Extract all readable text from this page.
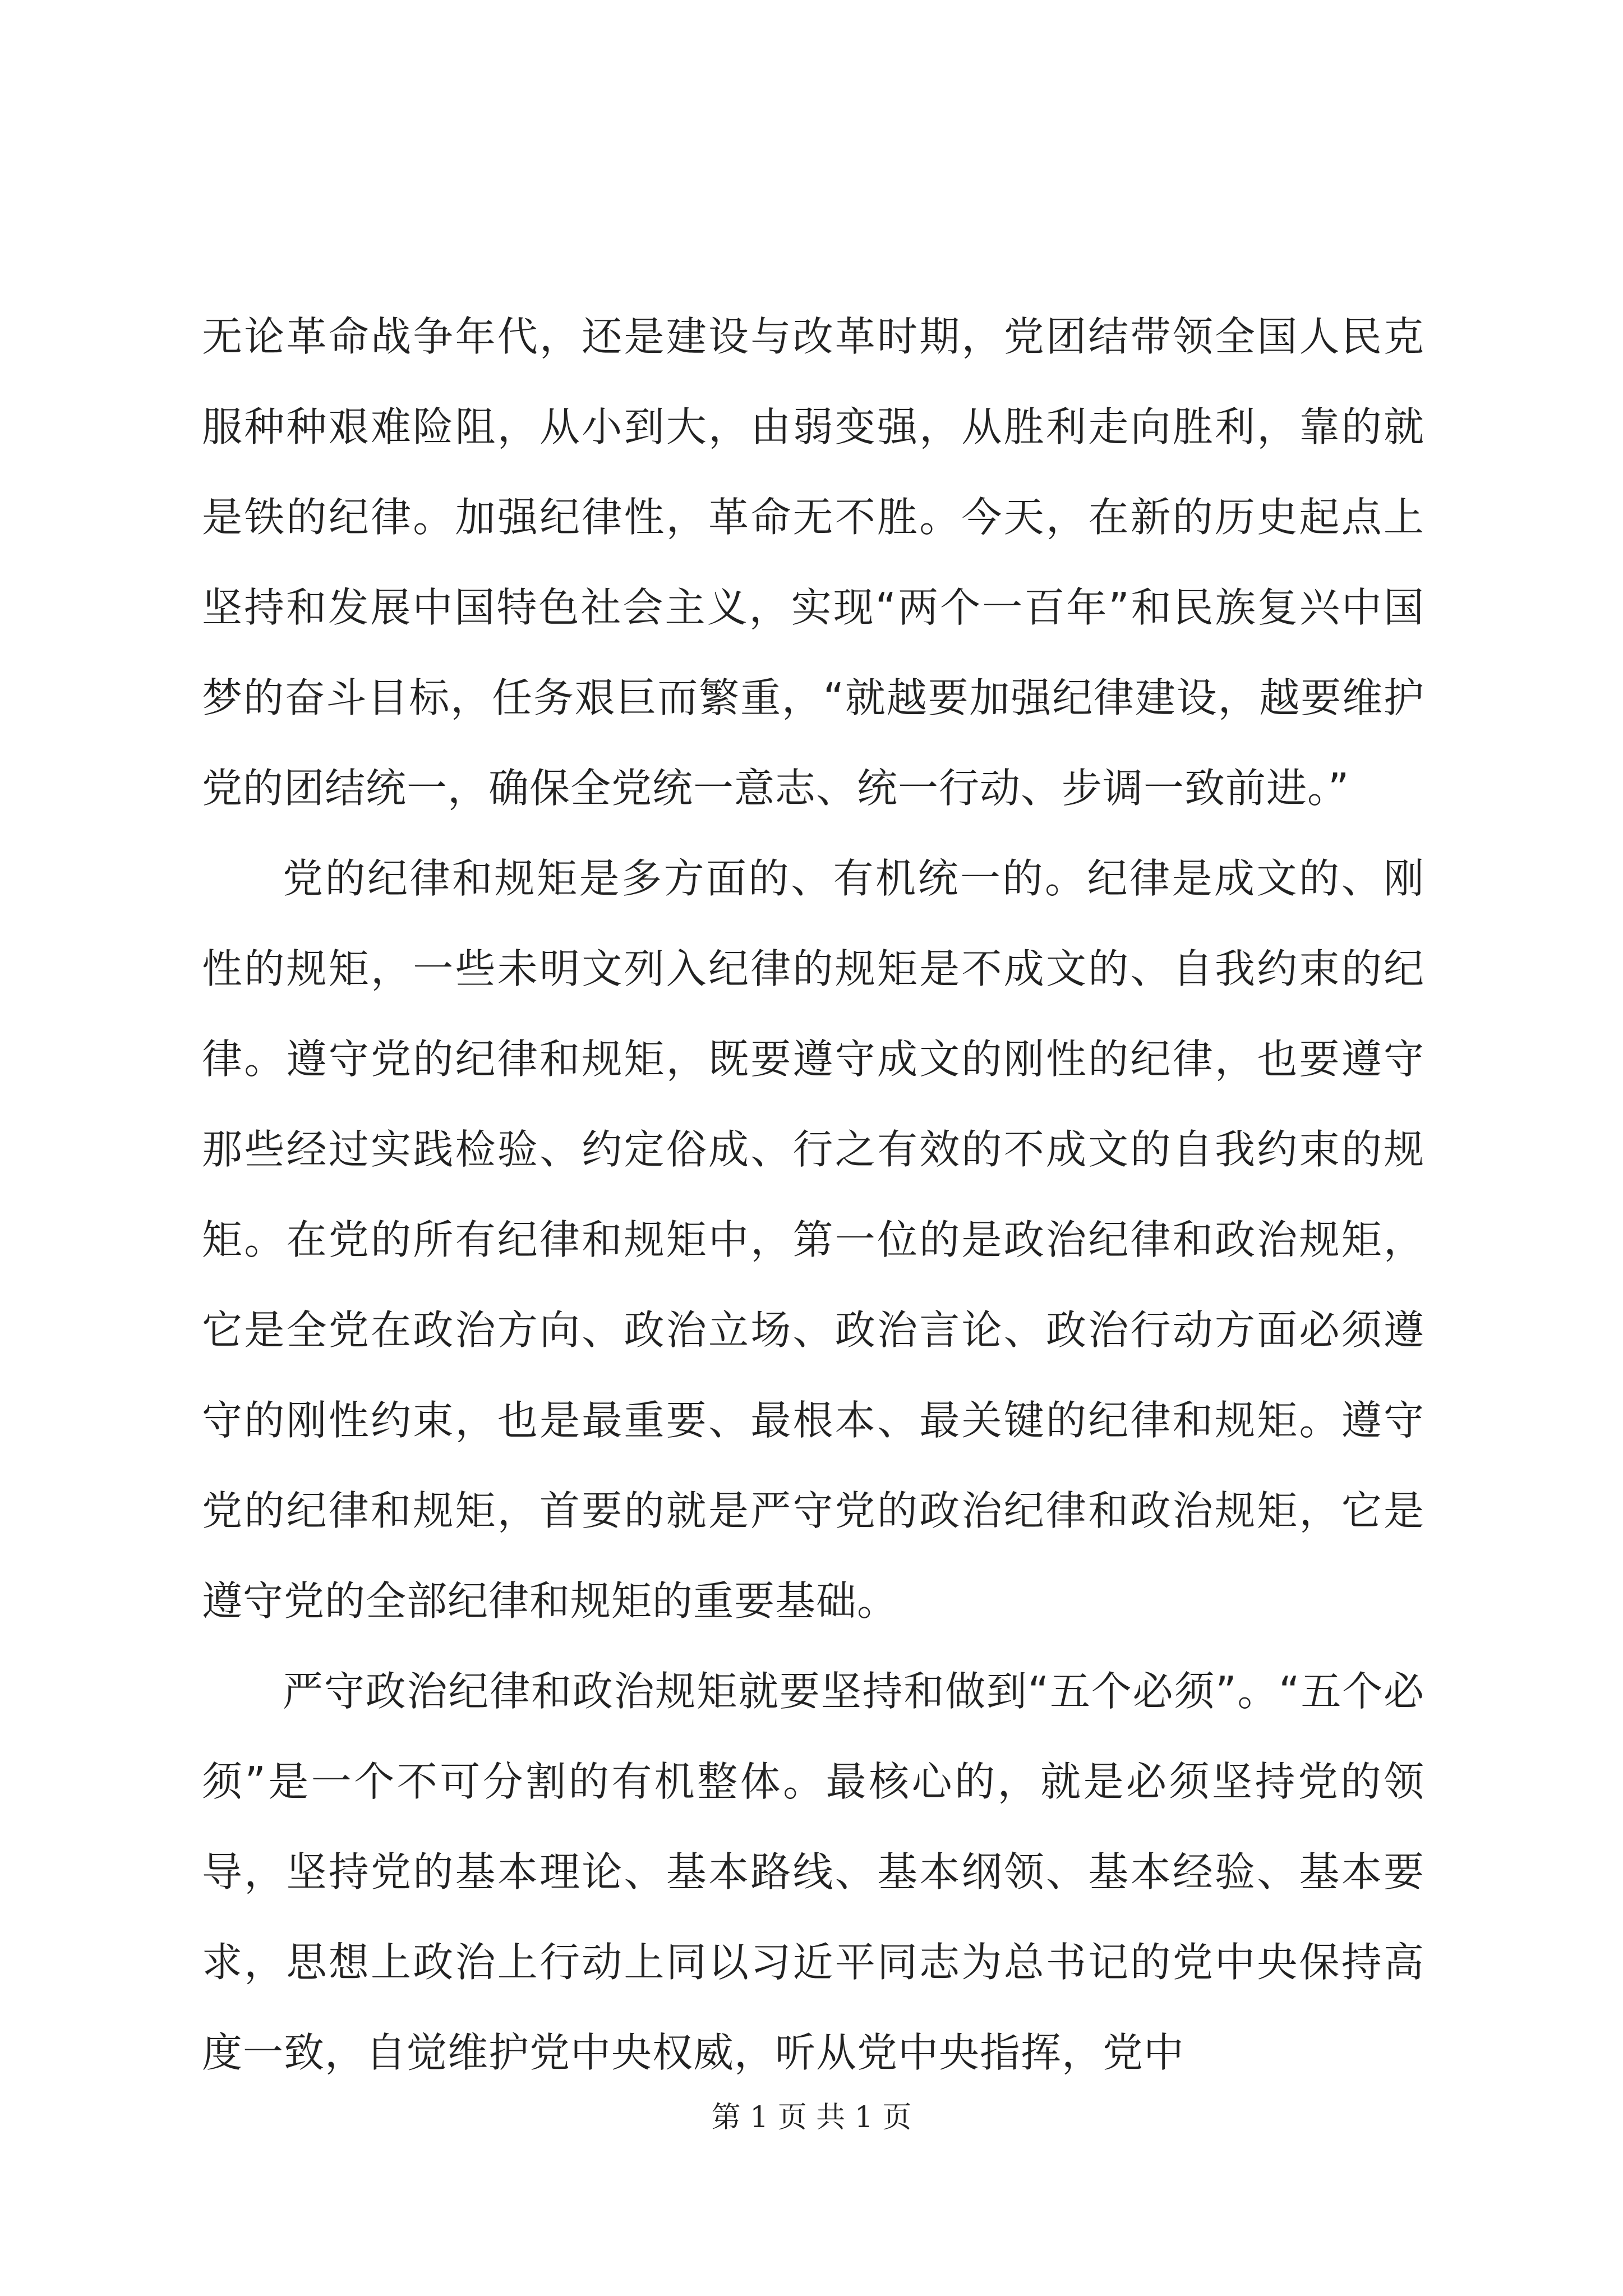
无论革命战争年代，还是建设与改革时期，党团结带领全国人民克服种种艰难险阻，从小到大，由弱变强，从胜利走向胜利，靠的就是铁的纪律。加强纪律性，革命无不胜。今天，在新的历史起点上坚持和发展中国特色社会主义，实现“两个一百年”和民族复兴中国梦的奋斗目标，任务艰巨而繁重，“就越要加强纪律建设，越要维护党的团结统一，确保全党统一意志、统一行动、步调一致前进。”

党的纪律和规矩是多方面的、有机统一的。纪律是成文的、刚性的规矩，一些未明文列入纪律的规矩是不成文的、自我约束的纪律。遵守党的纪律和规矩，既要遵守成文的刚性的纪律，也要遵守那些经过实践检验、约定俗成、行之有效的不成文的自我约束的规矩。在党的所有纪律和规矩中，第一位的是政治纪律和政治规矩，它是全党在政治方向、政治立场、政治言论、政治行动方面必须遵守的刚性约束，也是最重要、最根本、最关键的纪律和规矩。遵守党的纪律和规矩，首要的就是严守党的政治纪律和政治规矩，它是遵守党的全部纪律和规矩的重要基础。

严守政治纪律和政治规矩就要坚持和做到“五个必须”。“五个必须”是一个不可分割的有机整体。最核心的，就是必须坚持党的领导，坚持党的基本理论、基本路线、基本纲领、基本经验、基本要求，思想上政治上行动上同以习近平同志为总书记的党中央保持高度一致，自觉维护党中央权威，听从党中央指挥，党中

第 1 页 共 1 页
